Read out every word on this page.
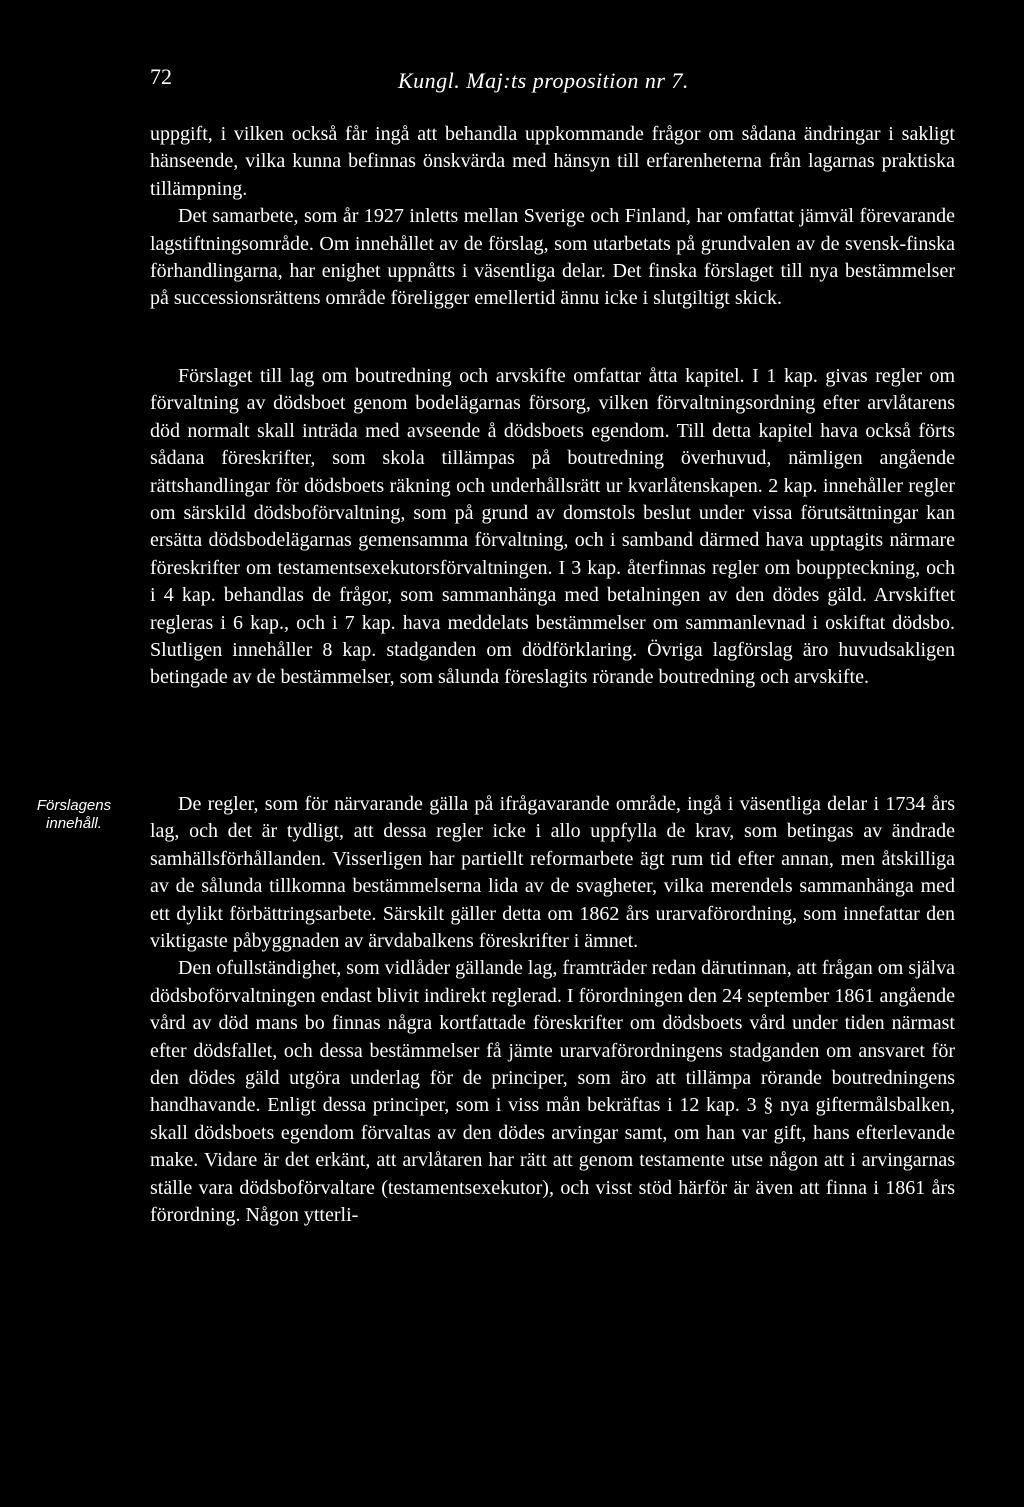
72	Kungl. Maj:ts proposition nr 7.

uppgift, i vilken också får ingå att behandla uppkommande frågor om sådana ändringar i sakligt hänseende, vilka kunna befinnas önskvärda med hänsyn till erfarenheterna från lagarnas praktiska tillämpning.

Det samarbete, som år 1927 inletts mellan Sverige och Finland, har omfattat jämväl förevarande lagstiftningsområde. Om innehållet av de förslag, som utarbetats på grundvalen av de svensk-finska förhandlingarna, har enighet uppnåtts i väsentliga delar. Det finska förslaget till nya bestämmelser på successionsrättens område föreligger emellertid ännu icke i slutgiltigt skick.

Förslaget till lag om boutredning och arvskifte omfattar åtta kapitel. I 1 kap. givas regler om förvaltning av dödsboet genom bodelägarnas försorg, vilken förvaltningsordning efter arvlåtarens död normalt skall inträda med avseende å dödsboets egendom. Till detta kapitel hava också förts sådana föreskrifter, som skola tillämpas på boutredning överhuvud, nämligen angående rättshandlingar för dödsboets räkning och underhållsrätt ur kvarlåtenskapen. 2 kap. innehåller regler om särskild dödsboförvaltning, som på grund av domstols beslut under vissa förutsättningar kan ersätta dödsbodelägarnas gemensamma förvaltning, och i samband därmed hava upptagits närmare föreskrifter om testamentsexekutorsförvaltningen. I 3 kap. återfinnas regler om bouppteckning, och i 4 kap. behandlas de frågor, som sammanhänga med betalningen av den dödes gäld. Arvskiftet regleras i 6 kap., och i 7 kap. hava meddelats bestämmelser om sammanlevnad i oskiftat dödsbo. Slutligen innehåller 8 kap. stadganden om dödförklaring. Övriga lagförslag äro huvudsakligen betingade av de bestämmelser, som sålunda föreslagits rörande boutredning och arvskifte.

Förslagens
innehåll.

De regler, som för närvarande gälla på ifrågavarande område, ingå i väsentliga delar i 1734 års lag, och det är tydligt, att dessa regler icke i allo uppfylla de krav, som betingas av ändrade samhällsförhållanden. Visserligen har partiellt reformarbete ägt rum tid efter annan, men åtskilliga av de sålunda tillkomna bestämmelserna lida av de svagheter, vilka merendels sammanhänga med ett dylikt förbättringsarbete. Särskilt gäller detta om 1862 års urarvaförordning, som innefattar den viktigaste påbyggnaden av ärvdabalkens föreskrifter i ämnet.

Den ofullständighet, som vidlåder gällande lag, framträder redan därutinnan, att frågan om själva dödsboförvaltningen endast blivit indirekt reglerad. I förordningen den 24 september 1861 angående vård av död mans bo finnas några kortfattade föreskrifter om dödsboets vård under tiden närmast efter dödsfallet, och dessa bestämmelser få jämte urarvaförordningens stadganden om ansvaret för den dödes gäld utgöra underlag för de principer, som äro att tillämpa rörande boutredningens handhavande. Enligt dessa principer, som i viss mån bekräftas i 12 kap. 3 § nya giftermålsbalken, skall dödsboets egendom förvaltas av den dödes arvingar samt, om han var gift, hans efterlevande make. Vidare är det erkänt, att arvlåtaren har rätt att genom testamente utse någon att i arvingarnas ställe vara dödsboförvaltare (testamentsexekutor), och visst stöd härför är även att finna i 1861 års förordning. Någon ytterli-
